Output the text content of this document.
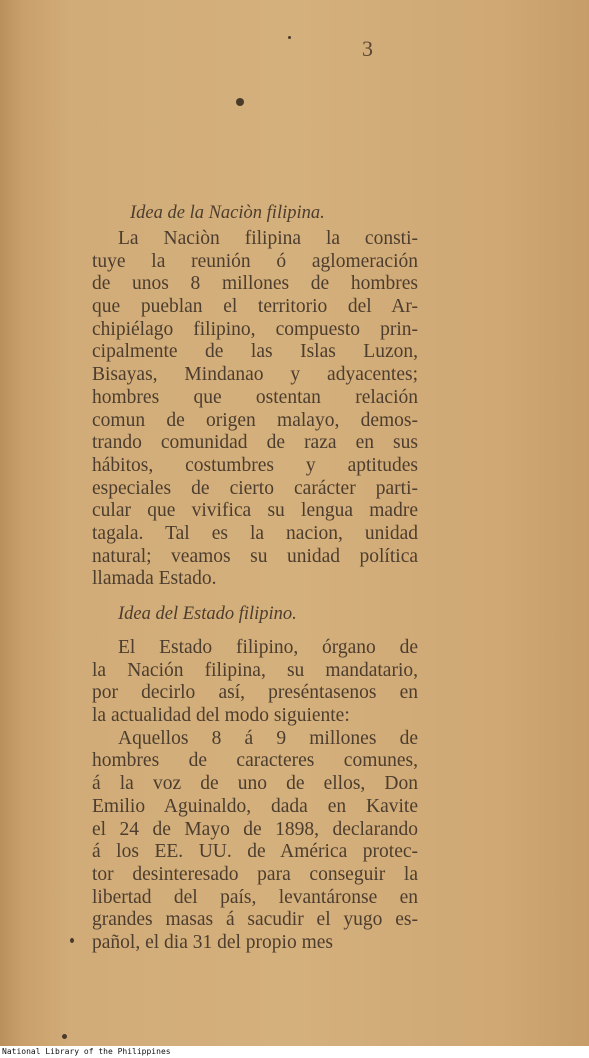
3
Idea de la Naciòn filipina.
La Naciòn filipina la consti-
tuye la reunión ó aglomeración
de unos 8 millones de hombres
que pueblan el territorio del Ar-
chipiélago filipino, compuesto prin-
cipalmente de las Islas Luzon,
Bisayas, Mindanao y adyacentes;
hombres que ostentan relación
comun de origen malayo, demos-
trando comunidad de raza en sus
hábitos, costumbres y aptitudes
especiales de cierto carácter parti-
cular que vivifica su lengua madre
tagala. Tal es la nacion, unidad
natural; veamos su unidad política
llamada Estado.
Idea del Estado filipino.
El Estado filipino, órgano de
la Nación filipina, su mandatario,
por decirlo así, preséntasenos en
la actualidad del modo siguiente:
Aquellos 8 á 9 millones de
hombres de caracteres comunes,
á la voz de uno de ellos, Don
Emilio Aguinaldo, dada en Kavite
el 24 de Mayo de 1898, declarando
á los EE. UU. de América protec-
tor desinteresado para conseguir la
libertad del país, levantáronse en
grandes masas á sacudir el yugo es-
pañol, el dia 31 del propio mes
National Library of the Philippines
